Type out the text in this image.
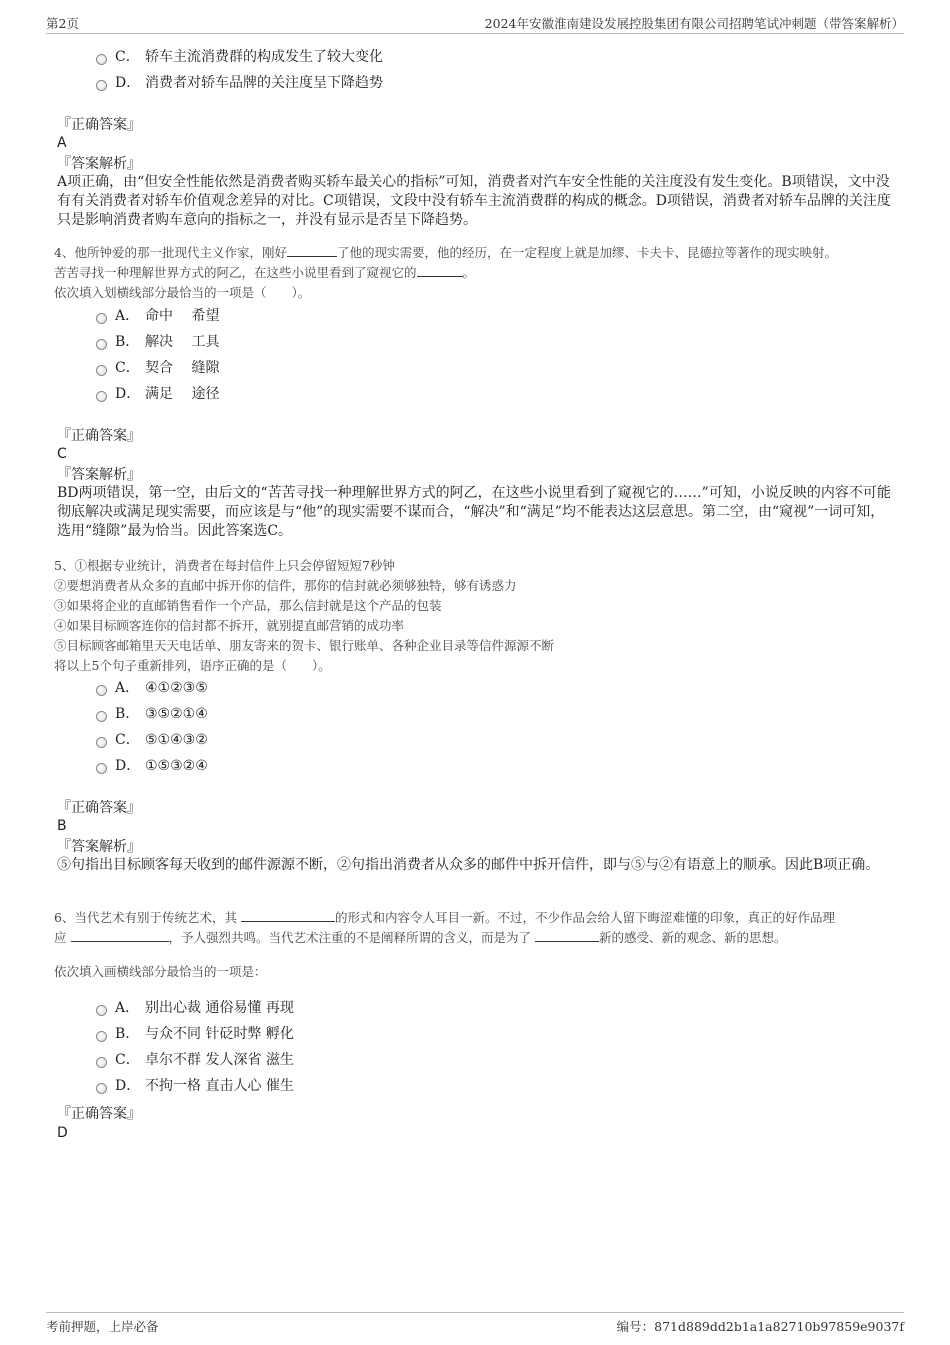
第2页	2024年安徽淮南建设发展控股集团有限公司招聘笔试冲刺题（带答案解析）
C． 轿车主流消费群的构成发生了较大变化
D． 消费者对轿车品牌的关注度呈下降趋势
『正确答案』
A
『答案解析』
A项正确，由“但安全性能依然是消费者购买轿车最关心的指标”可知，消费者对汽车安全性能的关注度没有发生变化。B项错误，文中没有有关消费者对轿车价值观念差异的对比。C项错误，文段中没有轿车主流消费群的构成的概念。D项错误，消费者对轿车品牌的关注度只是影响消费者购车意向的指标之一，并没有显示是否呈下降趋势。
4、他所钟爱的那一批现代主义作家，刚好	了他的现实需要，他的经历，在一定程度上就是加缪、卡夫卡、昆德拉等著作的现实映射。
苦苦寻找一种理解世界方式的阿乙，在这些小说里看到了窥视它的	。
依次填入划横线部分最恰当的一项是（　　）。
A． 命中　 希望
B． 解决　 工具
C． 契合　 缝隙
D． 满足　 途径
『正确答案』
C
『答案解析』
BD两项错误，第一空，由后文的“苦苦寻找一种理解世界方式的阿乙，在这些小说里看到了窥视它的……”可知，小说反映的内容不可能彻底解决或满足现实需要，而应该是与“他”的现实需要不谋而合，“解决”和“满足”均不能表达这层意思。第二空，由“窥视”一词可知，选用“缝隙”最为恰当。因此答案选C。
5、①根据专业统计，消费者在每封信件上只会停留短短7秒钟
②要想消费者从众多的直邮中拆开你的信件，那你的信封就必须够独特，够有诱惑力
③如果将企业的直邮销售看作一个产品，那么信封就是这个产品的包装
④如果目标顾客连你的信封都不拆开，就别提直邮营销的成功率
⑤目标顾客邮箱里天天电话单、朋友寄来的贺卡、银行账单、各种企业目录等信件源源不断
将以上5个句子重新排列，语序正确的是（　　）。
A． ④①②③⑤
B． ③⑤②①④
C． ⑤①④③②
D． ①⑤③②④
『正确答案』
B
『答案解析』
⑤句指出目标顾客每天收到的邮件源源不断，②句指出消费者从众多的邮件中拆开信件，即与⑤与②有语意上的顺承。因此B项正确。
6、当代艺术有别于传统艺术，其	的形式和内容令人耳目一新。不过，不少作品会给人留下晦涩难懂的印象，真正的好作品理
应	，予人强烈共鸣。当代艺术注重的不是阐释所谓的含义，而是为了	新的感受、新的观念、新的思想。
依次填入画横线部分最恰当的一项是：
A． 别出心裁 通俗易懂 再现
B． 与众不同 针砭时弊 孵化
C． 卓尔不群 发人深省 滋生
D． 不拘一格 直击人心 催生
『正确答案』
D
考前押题，上岸必备	编号：871d889dd2b1a1a82710b97859e9037f
